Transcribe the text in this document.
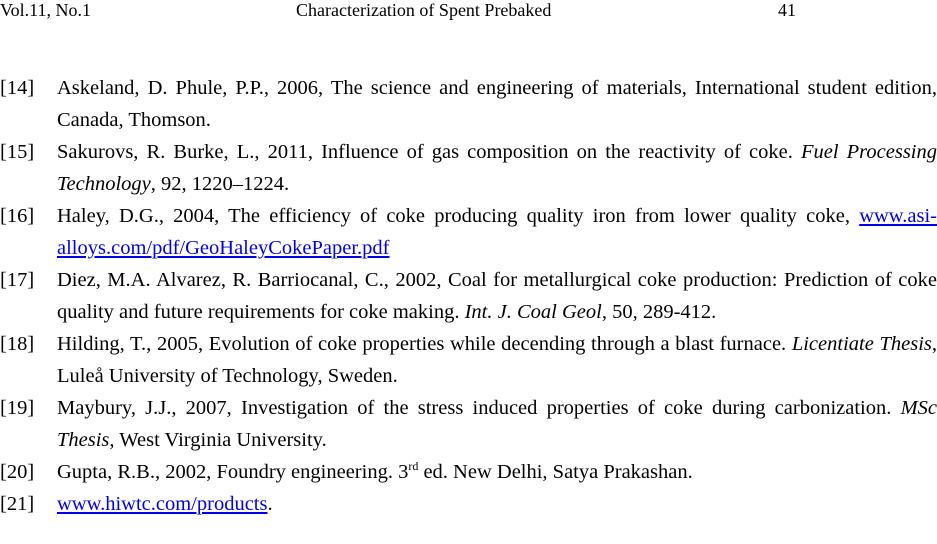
Vol.11, No.1	Characterization of Spent Prebaked	41
[14] Askeland, D. Phule, P.P., 2006, The science and engineering of materials, International student edition, Canada, Thomson.
[15] Sakurovs, R. Burke, L., 2011, Influence of gas composition on the reactivity of coke. Fuel Processing Technology, 92, 1220–1224.
[16] Haley, D.G., 2004, The efficiency of coke producing quality iron from lower quality coke, www.asi-alloys.com/pdf/GeoHaleyCokePaper.pdf
[17] Diez, M.A. Alvarez, R. Barriocanal, C., 2002, Coal for metallurgical coke production: Prediction of coke quality and future requirements for coke making. Int. J. Coal Geol, 50, 289-412.
[18] Hilding, T., 2005, Evolution of coke properties while decending through a blast furnace. Licentiate Thesis, Luleå University of Technology, Sweden.
[19] Maybury, J.J., 2007, Investigation of the stress induced properties of coke during carbonization. MSc Thesis, West Virginia University.
[20] Gupta, R.B., 2002, Foundry engineering. 3rd ed. New Delhi, Satya Prakashan.
[21] www.hiwtc.com/products.
